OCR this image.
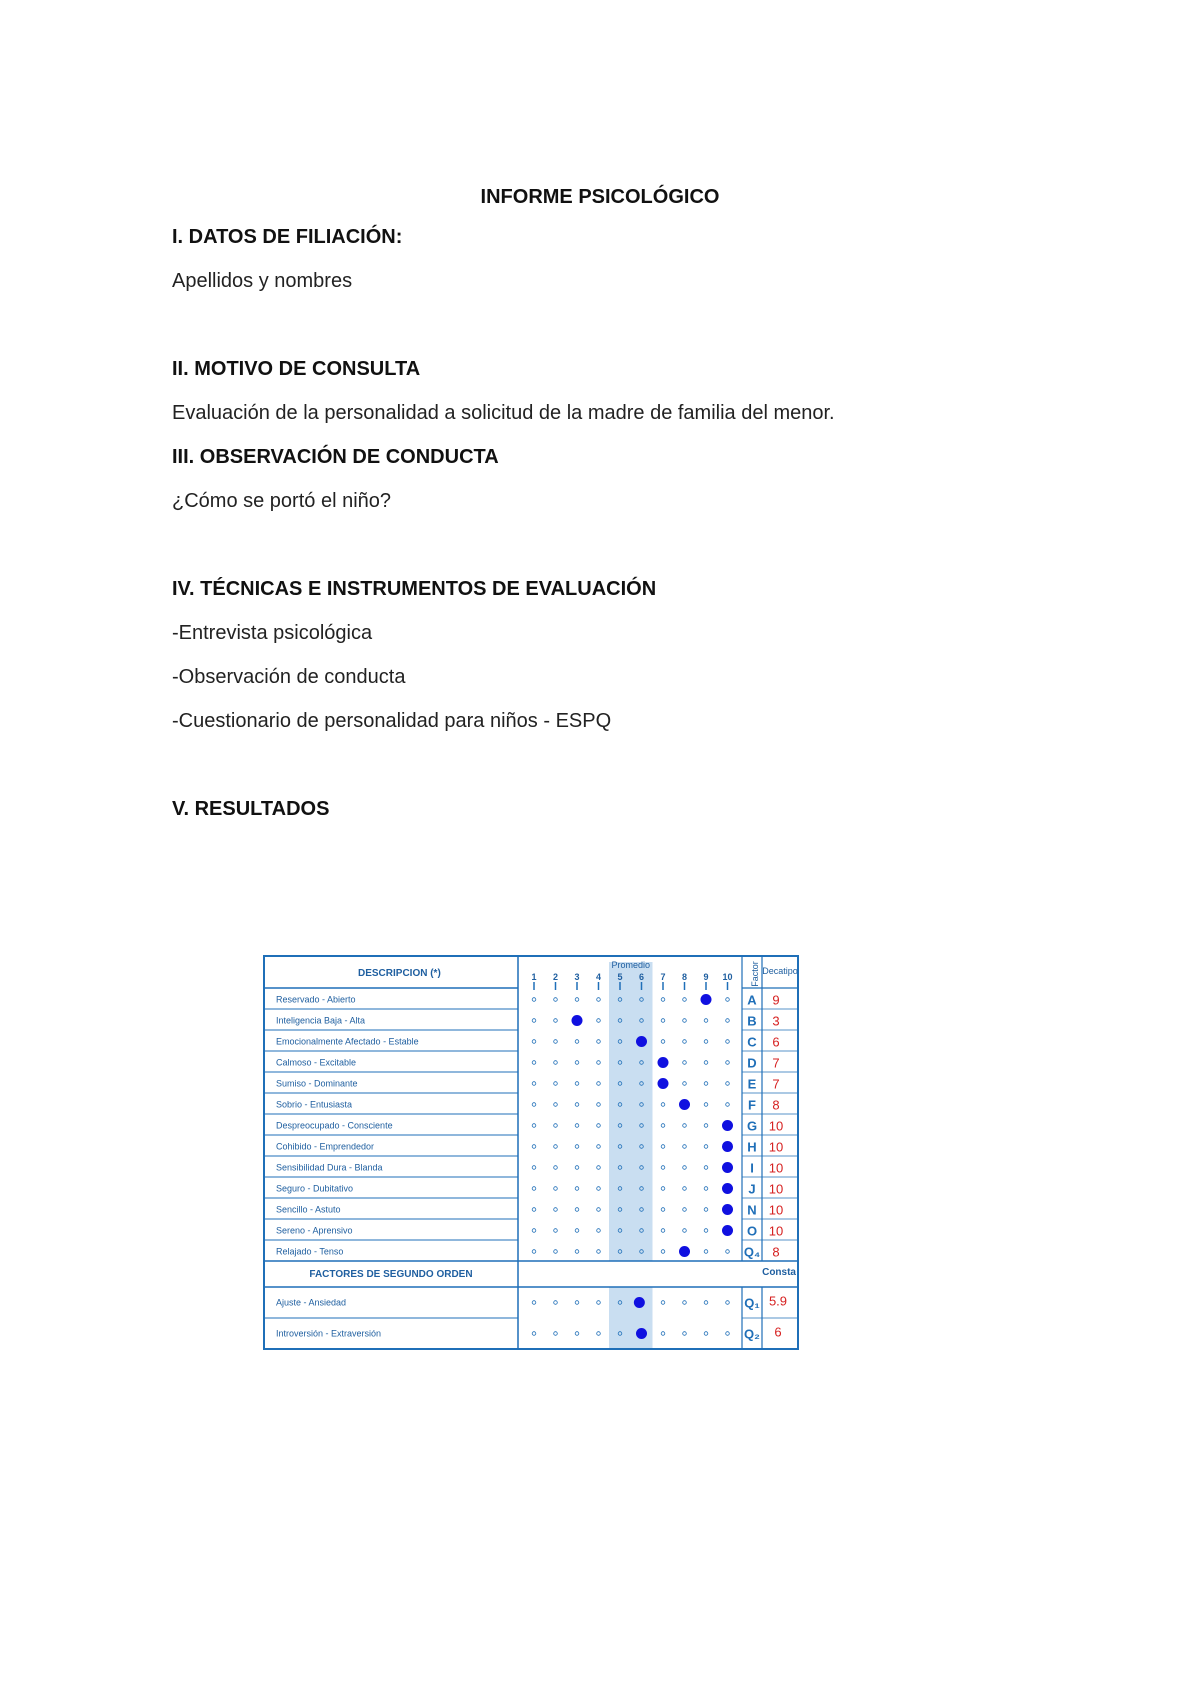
INFORME PSICOLÓGICO
I. DATOS DE FILIACIÓN:
Apellidos y nombres
II. MOTIVO DE CONSULTA
Evaluación de la personalidad a solicitud de la madre de familia del menor.
III. OBSERVACIÓN DE CONDUCTA
¿Cómo se portó el niño?
IV. TÉCNICAS E INSTRUMENTOS DE EVALUACIÓN
-Entrevista psicológica
-Observación de conducta
-Cuestionario de personalidad para niños - ESPQ
V. RESULTADOS
DESCRIPCION (*)
Promedio	Factor Decatipo
1 2 3 4 5 6 7 8 9 10
Reservado - Abierto	A 9
Inteligencia Baja - Alta	B 3
Emocionalmente Afectado - Estable	C 6
Calmoso - Excitable	D 7
Sumiso - Dominante	E 7
Sobrio - Entusiasta	F 8
Despreocupado - Consciente	G 10
Cohibido - Emprendedor	H 10
Sensibilidad Dura - Blanda	I 10
Seguro - Dubitativo	J 10
Sencillo - Astuto	N 10
Sereno - Aprensivo	O 10
Relajado - Tenso	Q₄ 8
FACTORES DE SEGUNDO ORDEN	Consta
Ajuste - Ansiedad	Q₁ 5.9
Introversión - Extraversión	Q₂ 6
